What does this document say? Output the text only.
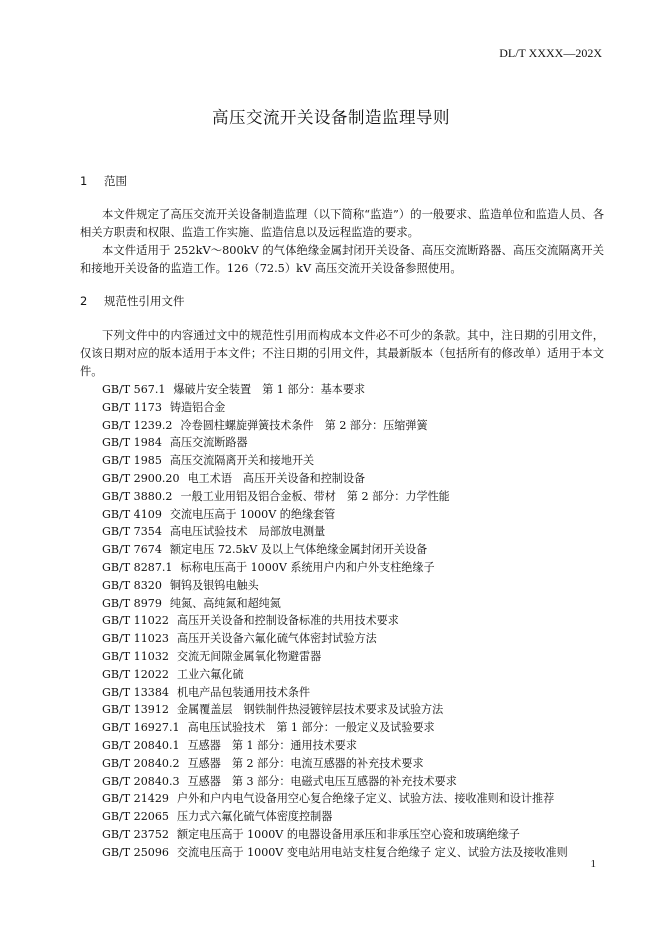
DL/T XXXX—202X
高压交流开关设备制造监理导则
1 范围
本文件规定了高压交流开关设备制造监理（以下简称“监造”）的一般要求、监造单位和监造人员、各相关方职责和权限、监造工作实施、监造信息以及远程监造的要求。
本文件适用于 252kV～800kV 的气体绝缘金属封闭开关设备、高压交流断路器、高压交流隔离开关和接地开关设备的监造工作。126（72.5）kV 高压交流开关设备参照使用。
2 规范性引用文件
下列文件中的内容通过文中的规范性引用而构成本文件必不可少的条款。其中，注日期的引用文件，仅该日期对应的版本适用于本文件；不注日期的引用文件，其最新版本（包括所有的修改单）适用于本文件。
GB/T 567.1 爆破片安全装置　第 1 部分：基本要求
GB/T 1173 铸造铝合金
GB/T 1239.2 冷卷圆柱螺旋弹簧技术条件　第 2 部分：压缩弹簧
GB/T 1984 高压交流断路器
GB/T 1985 高压交流隔离开关和接地开关
GB/T 2900.20 电工术语　高压开关设备和控制设备
GB/T 3880.2 一般工业用铝及铝合金板、带材　第 2 部分：力学性能
GB/T 4109 交流电压高于 1000V 的绝缘套管
GB/T 7354 高电压试验技术　局部放电测量
GB/T 7674 额定电压 72.5kV 及以上气体绝缘金属封闭开关设备
GB/T 8287.1 标称电压高于 1000V 系统用户内和户外支柱绝缘子
GB/T 8320 铜钨及银钨电触头
GB/T 8979 纯氮、高纯氮和超纯氮
GB/T 11022 高压开关设备和控制设备标准的共用技术要求
GB/T 11023 高压开关设备六氟化硫气体密封试验方法
GB/T 11032 交流无间隙金属氧化物避雷器
GB/T 12022 工业六氟化硫
GB/T 13384 机电产品包装通用技术条件
GB/T 13912 金属覆盖层　钢铁制件热浸镀锌层技术要求及试验方法
GB/T 16927.1 高电压试验技术　第 1 部分：一般定义及试验要求
GB/T 20840.1 互感器　第 1 部分：通用技术要求
GB/T 20840.2 互感器　第 2 部分：电流互感器的补充技术要求
GB/T 20840.3 互感器　第 3 部分：电磁式电压互感器的补充技术要求
GB/T 21429 户外和户内电气设备用空心复合绝缘子定义、试验方法、接收准则和设计推荐
GB/T 22065 压力式六氟化硫气体密度控制器
GB/T 23752 额定电压高于 1000V 的电器设备用承压和非承压空心瓷和玻璃绝缘子
GB/T 25096 交流电压高于 1000V 变电站用电站支柱复合绝缘子 定义、试验方法及接收准则
1
